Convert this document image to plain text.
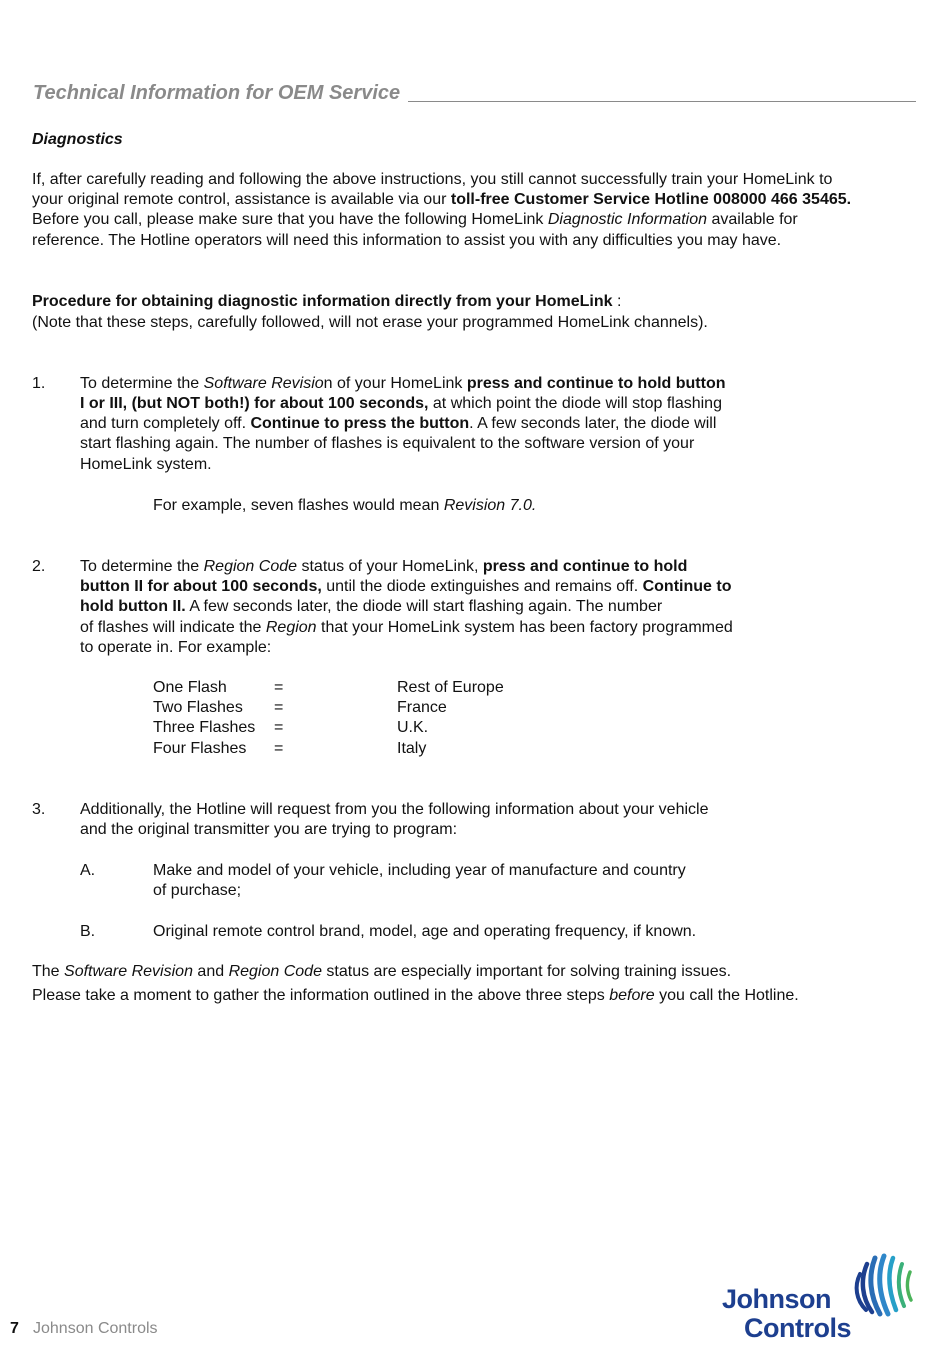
Technical Information for OEM Service
Diagnostics
If, after carefully reading and following the above instructions, you still cannot successfully train your HomeLink to
your original remote control, assistance is available via our toll-free Customer Service Hotline 008000 466 35465.
Before you call, please make sure that you have the following HomeLink Diagnostic Information available for
reference. The Hotline operators will need this information to assist you with any difficulties you may have.
Procedure for obtaining diagnostic information directly from your HomeLink :
(Note that these steps, carefully followed, will not erase your programmed HomeLink channels).
1. To determine the Software Revision of your HomeLink press and continue to hold button
I or III, (but NOT both!) for about 100 seconds, at which point the diode will stop flashing
and turn completely off. Continue to press the button. A few seconds later, the diode will
start flashing again. The number of flashes is equivalent to the software version of your
HomeLink system.
For example, seven flashes would mean Revision 7.0.
2. To determine the Region Code status of your HomeLink, press and continue to hold
button II for about 100 seconds, until the diode extinguishes and remains off. Continue to
hold button II. A few seconds later, the diode will start flashing again. The number
of flashes will indicate the Region that your HomeLink system has been factory programmed
to operate in. For example:
One Flash	=	Rest of Europe
Two Flashes =	France
Three Flashes =	U.K.
Four Flashes =	Italy
3. Additionally, the Hotline will request from you the following information about your vehicle
and the original transmitter you are trying to program:
A.	Make and model of your vehicle, including year of manufacture and country
of purchase;
B.	Original remote control brand, model, age and operating frequency, if known.
The Software Revision and Region Code status are especially important for solving training issues.
Please take a moment to gather the information outlined in the above three steps before you call the Hotline.
7 Johnson Controls
Johnson
Controls
